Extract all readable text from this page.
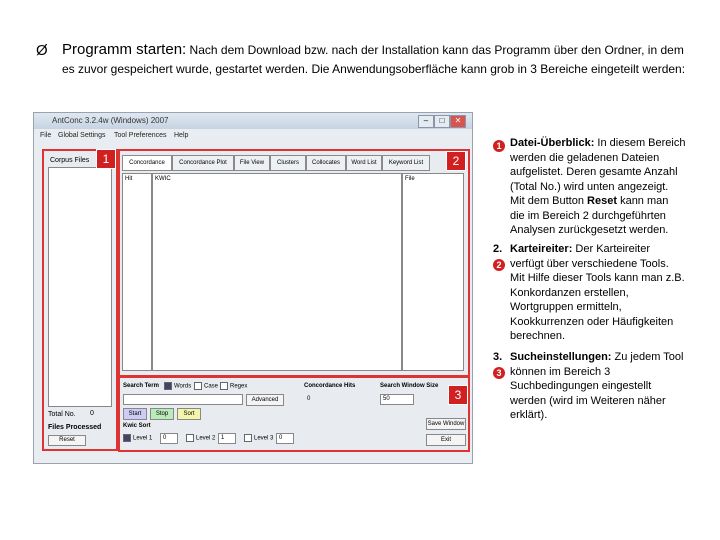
Ø Programm starten: Nach dem Download bzw. nach der Installation kann das Programm über den Ordner, in dem
es zuvor gespeichert wurde, gestartet werden. Die Anwendungsoberfläche kann grob in 3 Bereiche eingeteilt werden:
AntConc 3.2.4w (Windows) 2007	–	□	✕
File Global Settings Tool Preferences Help
Corpus Files
Total No. 0
Files Processed
Reset
Concordance	Concordance Plot	File View	Clusters	Collocates	Word List	Keyword List
Hit	KWIC	File
Search Term	Words	Case	Regex
Advanced
Concordance Hits
0
Search Window Size
50
Start	Stop	Sort
Kwic Sort
Level 1	0	Level 2 1	Level 3 0
Save Window
Exit
1	2
3
1 Datei-Überblick: In diesem Bereich
werden die geladenen Dateien
aufgelistet. Deren gesamte Anzahl
(Total No.) wird unten angezeigt.
Mit dem Button Reset kann man
die im Bereich 2 durchgeführten
Analysen zurückgesetzt werden.
2.
2
Karteireiter: Der Karteireiter
verfügt über verschiedene Tools.
Mit Hilfe dieser Tools kann man z.B.
Konkordanzen erstellen,
Wortgruppen ermitteln,
Kookkurrenzen oder Häufigkeiten
berechnen.
3.
3
Sucheinstellungen: Zu jedem Tool
können im Bereich 3
Suchbedingungen eingestellt
werden (wird im Weiteren näher
erklärt).
